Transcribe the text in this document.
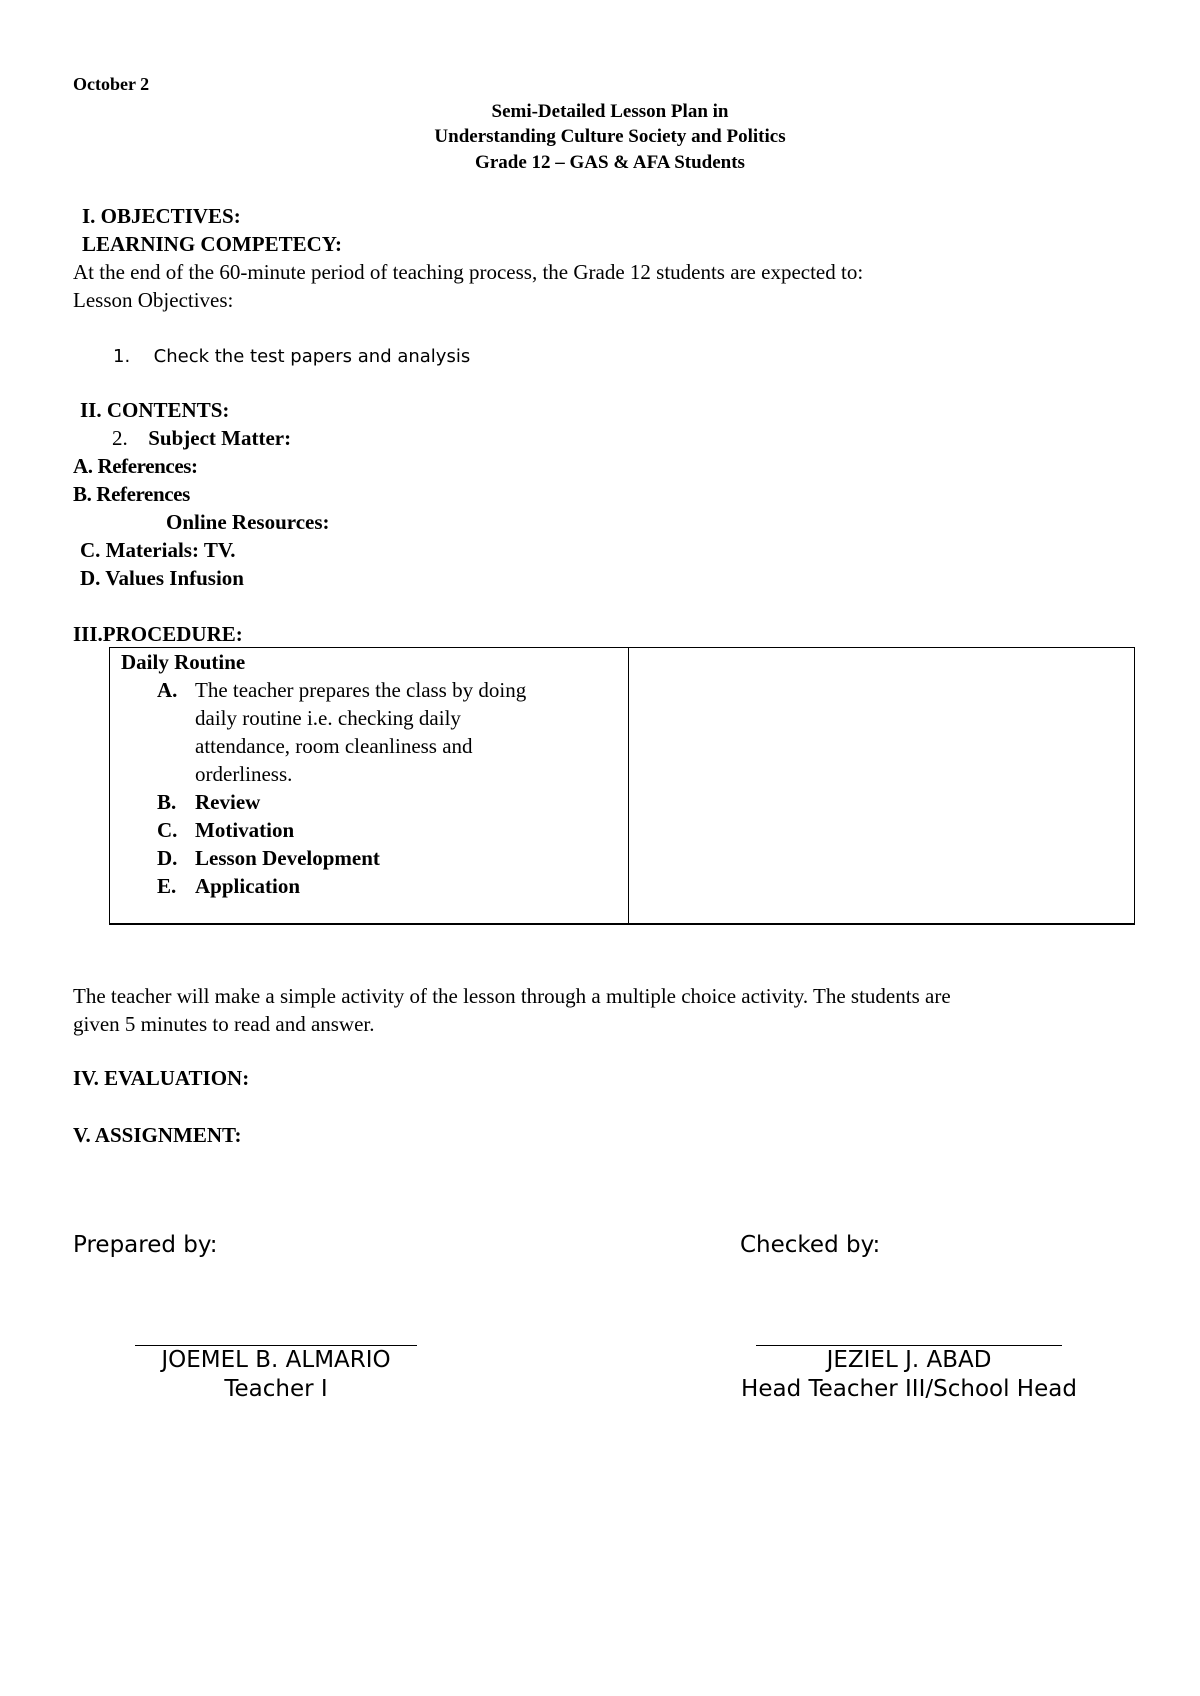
October 2
Semi-Detailed Lesson Plan in
Understanding Culture Society and Politics
Grade 12 – GAS & AFA Students
I. OBJECTIVES:
LEARNING COMPETECY:
At the end of the 60-minute period of teaching process, the Grade 12 students are expected to:
Lesson Objectives:
1. Check the test papers and analysis
II. CONTENTS:
2. Subject Matter:
A. References:
B. References
Online Resources:
C. Materials: TV.
D. Values Infusion
III.PROCEDURE:
Daily Routine
A. The teacher prepares the class by doing
daily routine i.e. checking daily
attendance, room cleanliness and
orderliness.
B. Review
C. Motivation
D. Lesson Development
E. Application
The teacher will make a simple activity of the lesson through a multiple choice activity. The students are
given 5 minutes to read and answer.
IV. EVALUATION:
V. ASSIGNMENT:
Prepared by:	Checked by:
JOEMEL B. ALMARIO
Teacher I
JEZIEL J. ABAD
Head Teacher III/School Head
